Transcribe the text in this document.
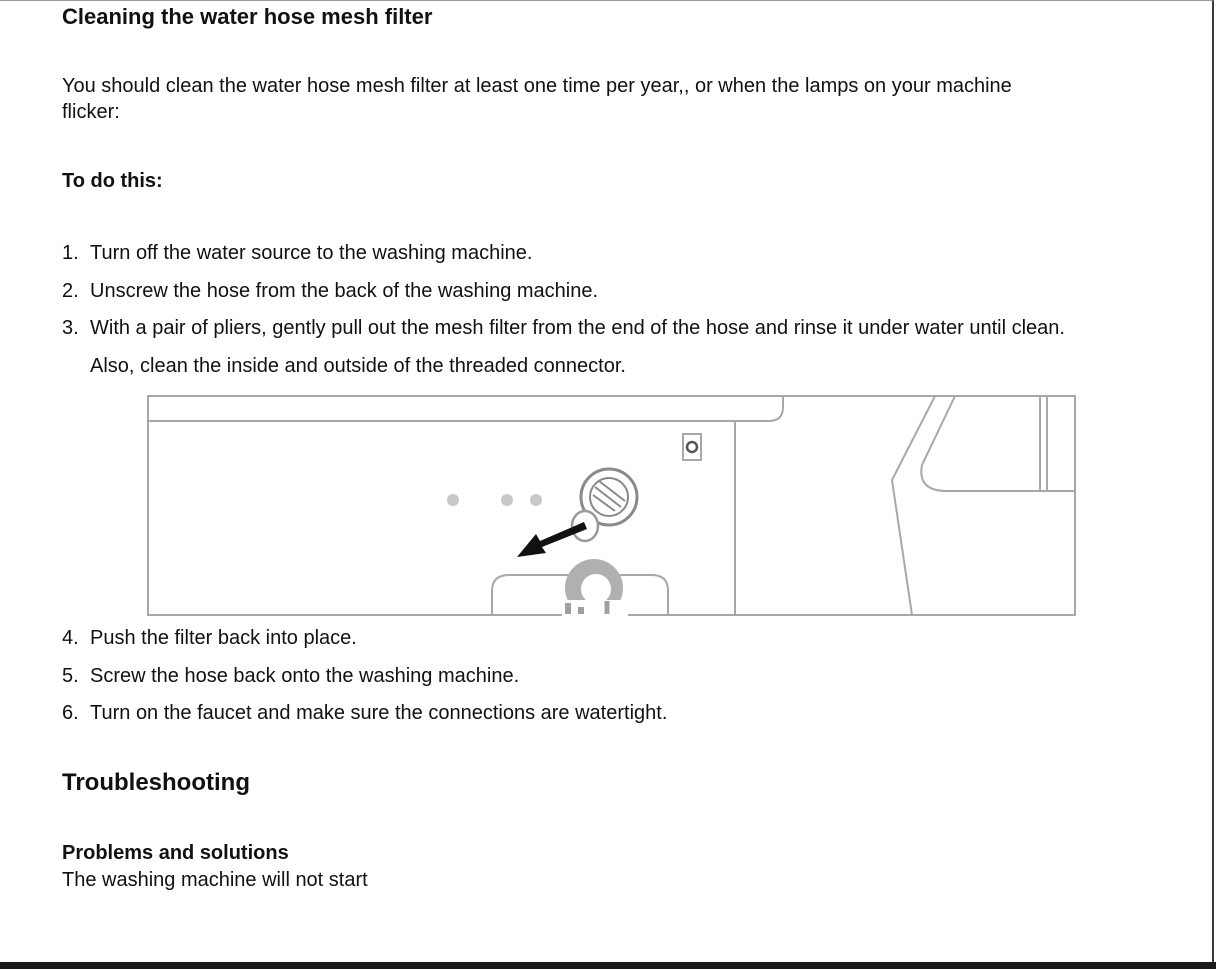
Cleaning the water hose mesh filter

You should clean the water hose mesh filter at least one time per year,, or when the lamps on your machine

flicker:

To do this:

1. Turn off the water source to the washing machine.
2. Unscrew the hose from the back of the washing machine.
3. With a pair of pliers, gently pull out the mesh filter from the end of the hose and rinse it under water until clean.
Also, clean the inside and outside of the threaded connector.
4. Push the filter back into place.
5. Screw the hose back onto the washing machine.
6. Turn on the faucet and make sure the connections are watertight.
Troubleshooting

Problems and solutions

The washing machine will not start
